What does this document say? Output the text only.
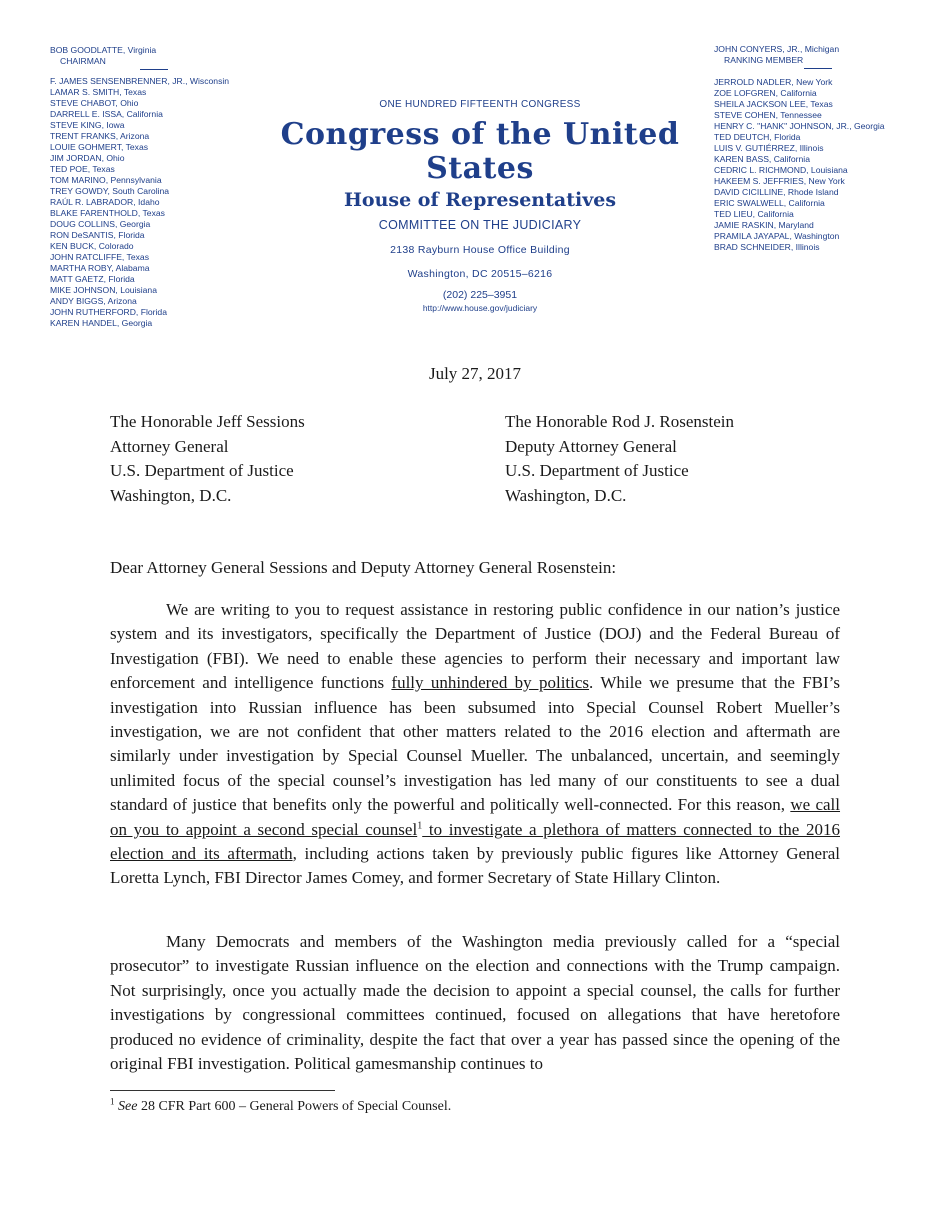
BOB GOODLATTE, Virginia
CHAIRMAN
F. JAMES SENSENBRENNER, JR., Wisconsin
LAMAR S. SMITH, Texas
STEVE CHABOT, Ohio
DARRELL E. ISSA, California
STEVE KING, Iowa
TRENT FRANKS, Arizona
LOUIE GOHMERT, Texas
JIM JORDAN, Ohio
TED POE, Texas
TOM MARINO, Pennsylvania
TREY GOWDY, South Carolina
RAÚL R. LABRADOR, Idaho
BLAKE FARENTHOLD, Texas
DOUG COLLINS, Georgia
RON DeSANTIS, Florida
KEN BUCK, Colorado
JOHN RATCLIFFE, Texas
MARTHA ROBY, Alabama
MATT GAETZ, Florida
MIKE JOHNSON, Louisiana
ANDY BIGGS, Arizona
JOHN RUTHERFORD, Florida
KAREN HANDEL, Georgia
JOHN CONYERS, JR., Michigan
RANKING MEMBER
JERROLD NADLER, New York
ZOE LOFGREN, California
SHEILA JACKSON LEE, Texas
STEVE COHEN, Tennessee
HENRY C. "HANK" JOHNSON, JR., Georgia
TED DEUTCH, Florida
LUIS V. GUTIÉRREZ, Illinois
KAREN BASS, California
CEDRIC L. RICHMOND, Louisiana
HAKEEM S. JEFFRIES, New York
DAVID CICILLINE, Rhode Island
ERIC SWALWELL, California
TED LIEU, California
JAMIE RASKIN, Maryland
PRAMILA JAYAPAL, Washington
BRAD SCHNEIDER, Illinois
ONE HUNDRED FIFTEENTH CONGRESS
Congress of the United States
House of Representatives
COMMITTEE ON THE JUDICIARY
2138 Rayburn House Office Building
Washington, DC 20515–6216
(202) 225–3951
http://www.house.gov/judiciary
July 27, 2017
The Honorable Jeff Sessions
Attorney General
U.S. Department of Justice
Washington, D.C.
The Honorable Rod J. Rosenstein
Deputy Attorney General
U.S. Department of Justice
Washington, D.C.
Dear Attorney General Sessions and Deputy Attorney General Rosenstein:
We are writing to you to request assistance in restoring public confidence in our nation’s justice system and its investigators, specifically the Department of Justice (DOJ) and the Federal Bureau of Investigation (FBI). We need to enable these agencies to perform their necessary and important law enforcement and intelligence functions fully unhindered by politics. While we presume that the FBI’s investigation into Russian influence has been subsumed into Special Counsel Robert Mueller’s investigation, we are not confident that other matters related to the 2016 election and aftermath are similarly under investigation by Special Counsel Mueller. The unbalanced, uncertain, and seemingly unlimited focus of the special counsel’s investigation has led many of our constituents to see a dual standard of justice that benefits only the powerful and politically well-connected. For this reason, we call on you to appoint a second special counsel$^1$ to investigate a plethora of matters connected to the 2016 election and its aftermath, including actions taken by previously public figures like Attorney General Loretta Lynch, FBI Director James Comey, and former Secretary of State Hillary Clinton.
Many Democrats and members of the Washington media previously called for a “special prosecutor” to investigate Russian influence on the election and connections with the Trump campaign. Not surprisingly, once you actually made the decision to appoint a special counsel, the calls for further investigations by congressional committees continued, focused on allegations that have heretofore produced no evidence of criminality, despite the fact that over a year has passed since the opening of the original FBI investigation. Political gamesmanship continues to
$^1$ See 28 CFR Part 600 – General Powers of Special Counsel.
